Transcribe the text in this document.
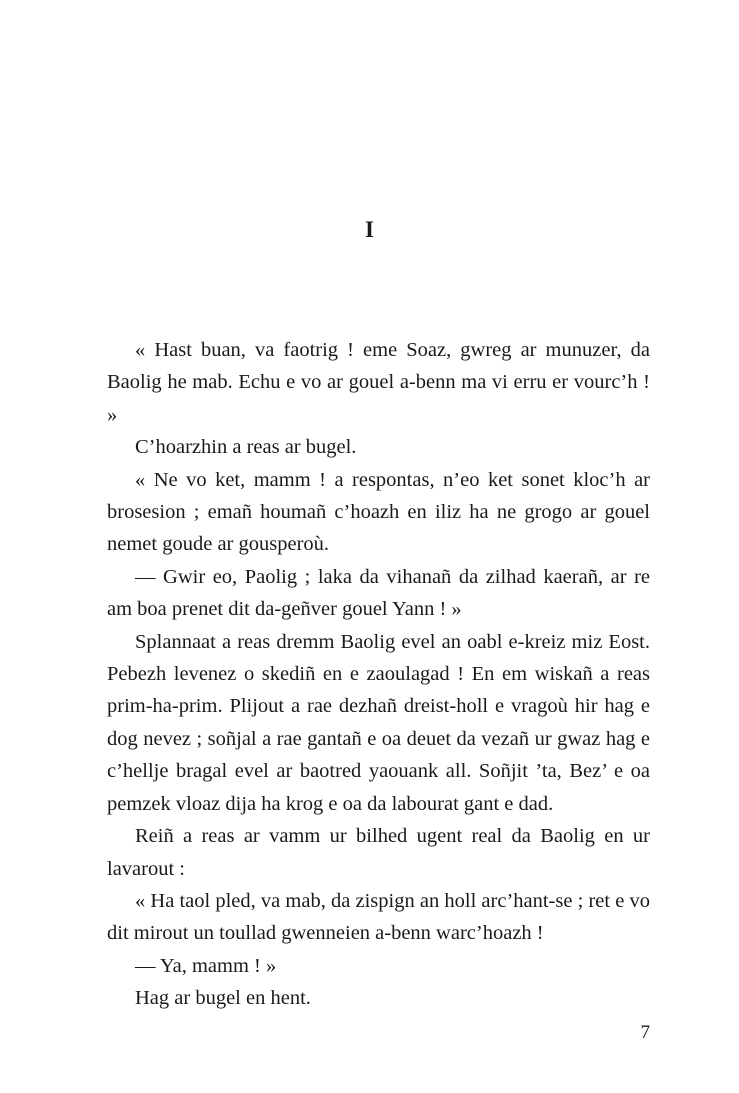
I

« Hast buan, va faotrig ! eme Soaz, gwreg ar munuzer, da Baolig he mab. Echu e vo ar gouel a-benn ma vi erru er vourc’h ! »

C’hoarzhin a reas ar bugel.

« Ne vo ket, mamm ! a respontas, n’eo ket sonet kloc’h ar brosesion ; emañ houmañ c’hoazh en iliz ha ne grogo ar gouel nemet goude ar gousperoù.

— Gwir eo, Paolig ; laka da vihanañ da zilhad kaerañ, ar re am boa prenet dit da-geñver gouel Yann ! »

Splannaat a reas dremm Baolig evel an oabl e-kreiz miz Eost. Pebezh levenez o skediñ en e zaoulagad ! En em wiskañ a reas prim-ha-prim. Plijout a rae dezhañ dreist-holl e vragoù hir hag e dog nevez ; soñjal a rae gantañ e oa deuet da vezañ ur gwaz hag e c’hellje bragal evel ar baotred yaouank all. Soñjit ’ta, Bez’ e oa pemzek vloaz dija ha krog e oa da labourat gant e dad.

Reiñ a reas ar vamm ur bilhed ugent real da Baolig en ur lavarout :

« Ha taol pled, va mab, da zispign an holl arc’hant-se ; ret e vo dit mirout un toullad gwenneien a-benn warc’hoazh !

— Ya, mamm ! »

Hag ar bugel en hent.

7
